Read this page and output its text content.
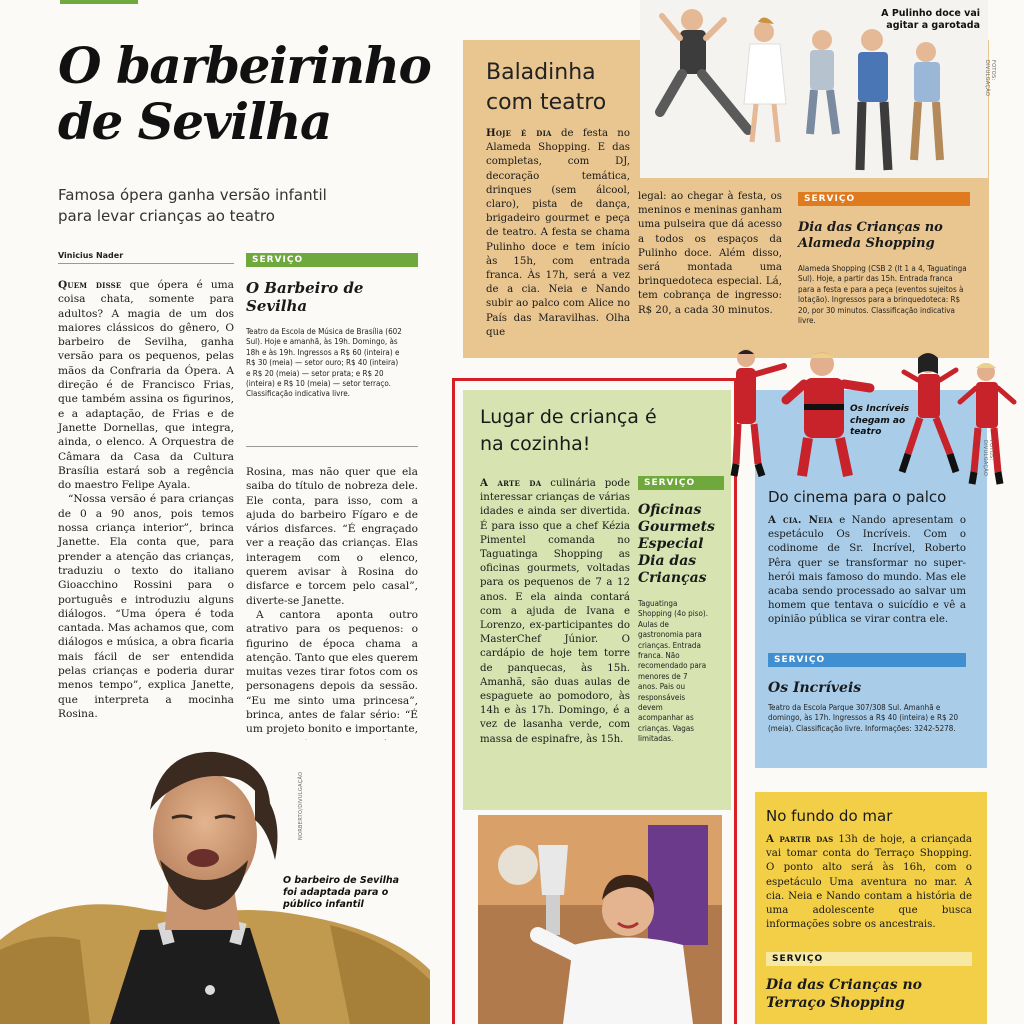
O barbeirinho
de Sevilha
Famosa ópera ganha versão infantil para levar crianças ao teatro
Vinicius Nader
Quem disse que ópera é uma coisa chata, somente para adultos? A magia de um dos maiores clássicos do gênero, O barbeiro de Sevilha, ganha versão para os pequenos, pelas mãos da Confraria da Ópera. A direção é de Francisco Frias, que também assina os figurinos, e a adaptação, de Frias e de Janette Dornellas, que integra, ainda, o elenco. A Orquestra de Câmara da Casa da Cultura Brasília estará sob a regência do maestro Felipe Ayala.
“Nossa versão é para crianças de 0 a 90 anos, pois temos nossa criança interior”, brinca Janette. Ela conta que, para prender a atenção das crianças, traduziu o texto do italiano Gioacchino Rossini para o português e introduziu alguns diálogos. “Uma ópera é toda cantada. Mas achamos que, com diálogos e música, a obra ficaria mais fácil de ser entendida pelas crianças e poderia durar menos tempo”, explica Janette, que interpreta a mocinha Rosina.
SERVIÇO
O Barbeiro de Sevilha
Teatro da Escola de Música de Brasília (602 Sul). Hoje e amanhã, às 19h. Domingo, às 18h e às 19h. Ingressos a R$ 60 (inteira) e R$ 30 (meia) — setor ouro; R$ 40 (inteira) e R$ 20 (meia) — setor prata; e R$ 20 (inteira) e R$ 10 (meia) — setor terraço. Classificação indicativa livre.
Rosina, mas não quer que ela saiba do título de nobreza dele. Ele conta, para isso, com a ajuda do barbeiro Fígaro e de vários disfarces. “É engraçado ver a reação das crianças. Elas interagem com o elenco, querem avisar à Rosina do disfarce e torcem pelo casal”, diverte-se Janette.
A cantora aponta outro atrativo para os pequenos: o figurino de época chama a atenção. Tanto que eles querem muitas vezes tirar fotos com os personagens depois da sessão. “Eu me sinto uma princesa”, brinca, antes de falar sério: “É um projeto bonito e importante,
NORBERTO/DIVULGAÇÃO
O barbeiro de Sevilha foi adaptada para o público infantil
A Pulinho doce vai agitar a garotada
FOTOS: DIVULGAÇÃO
Baladinha com teatro
Hoje é dia de festa no Alameda Shopping. E das completas, com DJ, decoração temática, drinques (sem álcool, claro), pista de dança, brigadeiro gourmet e peça de teatro. A festa se chama Pulinho doce e tem início às 15h, com entrada franca. Às 17h, será a vez de a cia. Neia e Nando subir ao palco com Alice no País das Maravilhas. Olha que
legal: ao chegar à festa, os meninos e meninas ganham uma pulseira que dá acesso a todos os espaços da Pulinho doce. Além disso, será montada uma brinquedoteca especial. Lá, tem cobrança de ingresso: R$ 20, a cada 30 minutos.
SERVIÇO
Dia das Crianças no Alameda Shopping
Alameda Shopping (CSB 2 (lt 1 a 4, Taguatinga Sul). Hoje, a partir das 15h. Entrada franca para a festa e para a peça (eventos sujeitos à lotação). Ingressos para a brinquedoteca: R$ 20, por 30 minutos. Classificação indicativa livre.
Lugar de criança é na cozinha!
A arte da culinária pode interessar crianças de várias idades e ainda ser divertida. É para isso que a chef Kézia Pimentel comanda no Taguatinga Shopping as oficinas gourmets, voltadas para os pequenos de 7 a 12 anos. E ela ainda contará com a ajuda de Ivana e Lorenzo, ex-participantes do MasterChef Júnior. O cardápio de hoje tem torre de panquecas, às 15h. Amanhã, são duas aulas de espaguete ao pomodoro, às 14h e às 17h. Domingo, é a vez de lasanha verde, com massa de espinafre, às 15h.
SERVIÇO
Oficinas Gourmets Especial Dia das Crianças
Taguatinga Shopping (4o piso). Aulas de gastronomia para crianças. Entrada franca. Não recomendado para menores de 7 anos. Pais ou responsáveis devem acompanhar as crianças. Vagas limitadas.
Os Incríveis chegam ao teatro
FOTOS: DIVULGAÇÃO
Do cinema para o palco
A cia. Neia e Nando apresentam o espetáculo Os Incríveis. Com o codinome de Sr. Incrível, Roberto Pêra quer se transformar no super-herói mais famoso do mundo. Mas ele acaba sendo processado ao salvar um homem que tentava o suicídio e vê a opinião pública se virar contra ele.
SERVIÇO
Os Incríveis
Teatro da Escola Parque 307/308 Sul. Amanhã e domingo, às 17h. Ingressos a R$ 40 (inteira) e R$ 20 (meia). Classificação livre. Informações: 3242-5278.
No fundo do mar
A partir das 13h de hoje, a criançada vai tomar conta do Terraço Shopping. O ponto alto será às 16h, com o espetáculo Uma aventura no mar. A cia. Neia e Nando contam a história de uma adolescente que busca informações sobre os ancestrais.
SERVIÇO
Dia das Crianças no Terraço Shopping
